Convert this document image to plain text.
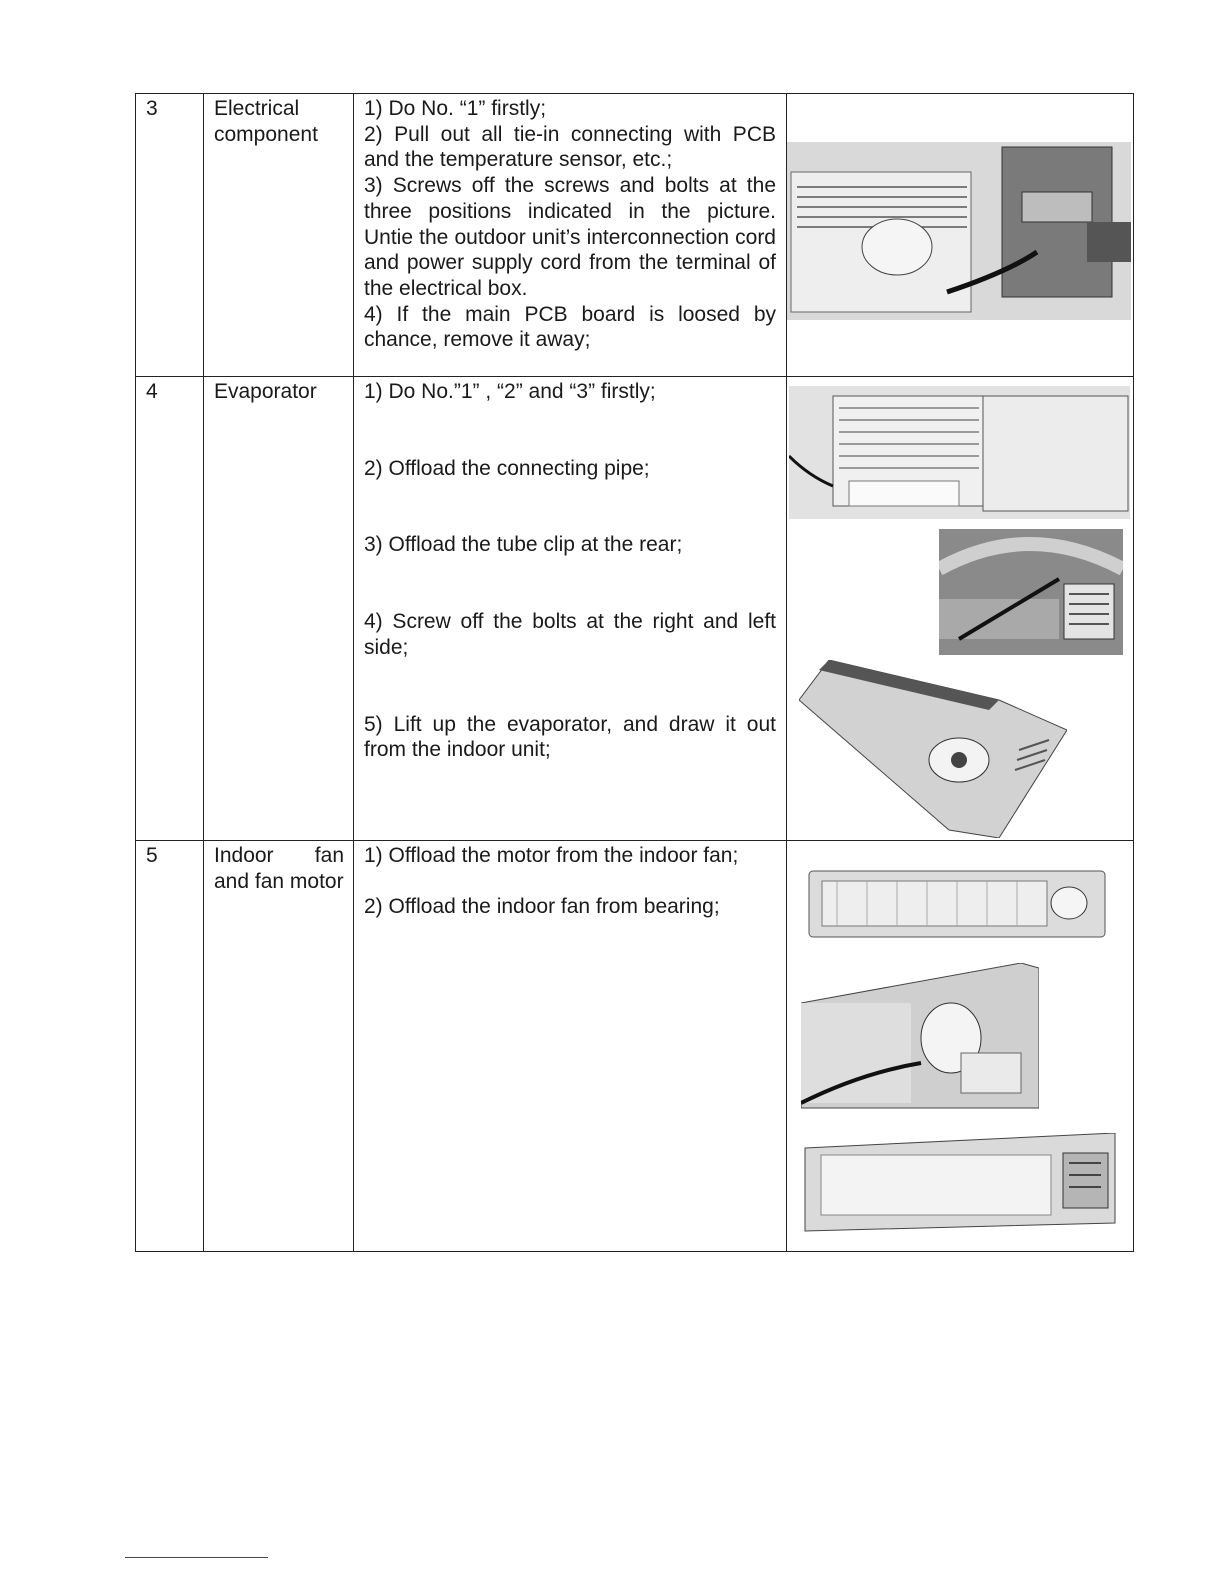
3	Electrical component	1) Do No. “1” firstly;

2) Pull out all tie-in connecting with PCB and the temperature sensor, etc.;

3) Screws off the screws and bolts at the three positions indicated in the picture. Untie the outdoor unit’s interconnection cord and power supply cord from the terminal of the electrical box.

4) If the main PCB board is loosed by chance, remove it away;

4	Evaporator	1) Do No.”1” , “2” and “3” firstly;

2) Offload the connecting pipe;

3) Offload the tube clip at the rear;

4) Screw off the bolts at the right and left side;

5) Lift up the evaporator, and draw it out from the indoor unit;

5	Indoor fan and fan motor	1) Offload the motor from the indoor fan;

2) Offload the indoor fan from bearing;
